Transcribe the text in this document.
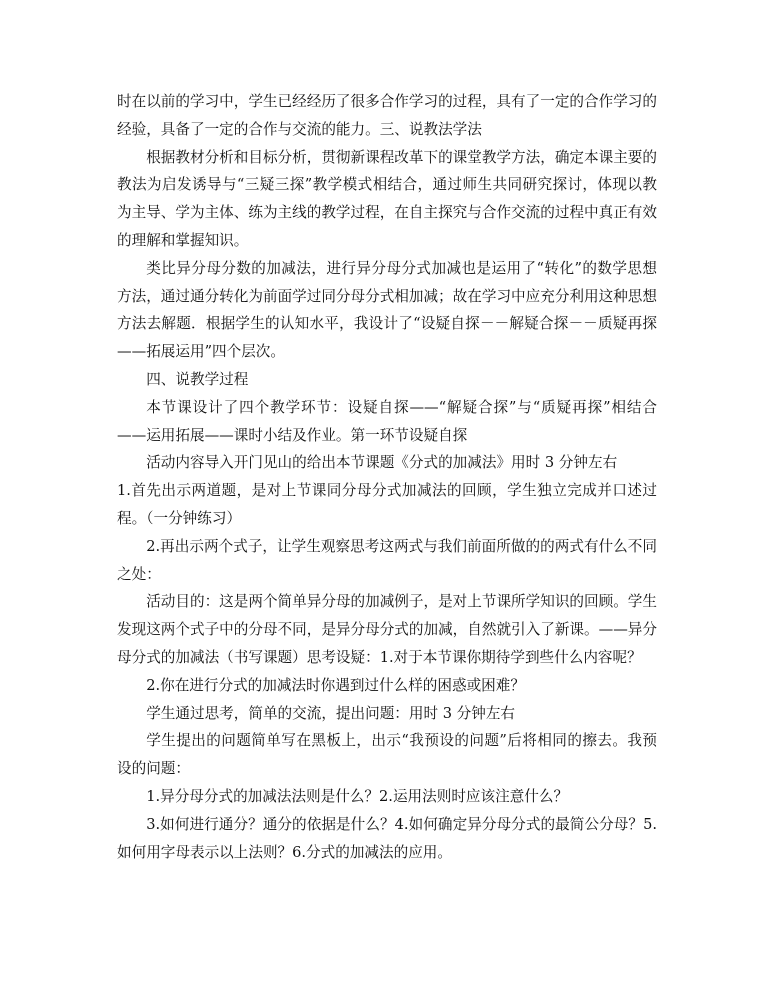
时在以前的学习中，学生已经经历了很多合作学习的过程，具有了一定的合作学习的经验，具备了一定的合作与交流的能力。三、说教法学法

根据教材分析和目标分析，贯彻新课程改革下的课堂教学方法，确定本课主要的教法为启发诱导与“三疑三探”教学模式相结合，通过师生共同研究探讨，体现以教为主导、学为主体、练为主线的教学过程，在自主探究与合作交流的过程中真正有效的理解和掌握知识。

类比异分母分数的加减法，进行异分母分式加减也是运用了“转化”的数学思想方法，通过通分转化为前面学过同分母分式相加减；故在学习中应充分利用这种思想方法去解题．根据学生的认知水平，我设计了“设疑自探－－解疑合探－－质疑再探——拓展运用”四个层次。

四、说教学过程

本节课设计了四个教学环节：设疑自探——“解疑合探”与“质疑再探”相结合——运用拓展——课时小结及作业。第一环节设疑自探

活动内容导入开门见山的给出本节课题《分式的加减法》用时 3 分钟左右

1.首先出示两道题，是对上节课同分母分式加减法的回顾，学生独立完成并口述过程。（一分钟练习）

2.再出示两个式子，让学生观察思考这两式与我们前面所做的的两式有什么不同之处：

活动目的：这是两个简单异分母的加减例子，是对上节课所学知识的回顾。学生发现这两个式子中的分母不同，是异分母分式的加减，自然就引入了新课。——异分母分式的加减法（书写课题）思考设疑：1.对于本节课你期待学到些什么内容呢？

2.你在进行分式的加减法时你遇到过什么样的困惑或困难？

学生通过思考，简单的交流，提出问题：用时 3 分钟左右

学生提出的问题简单写在黑板上，出示“我预设的问题”后将相同的擦去。我预设的问题：

1.异分母分式的加减法法则是什么？2.运用法则时应该注意什么？

3.如何进行通分？通分的依据是什么？4.如何确定异分母分式的最简公分母？5.如何用字母表示以上法则？6.分式的加减法的应用。
